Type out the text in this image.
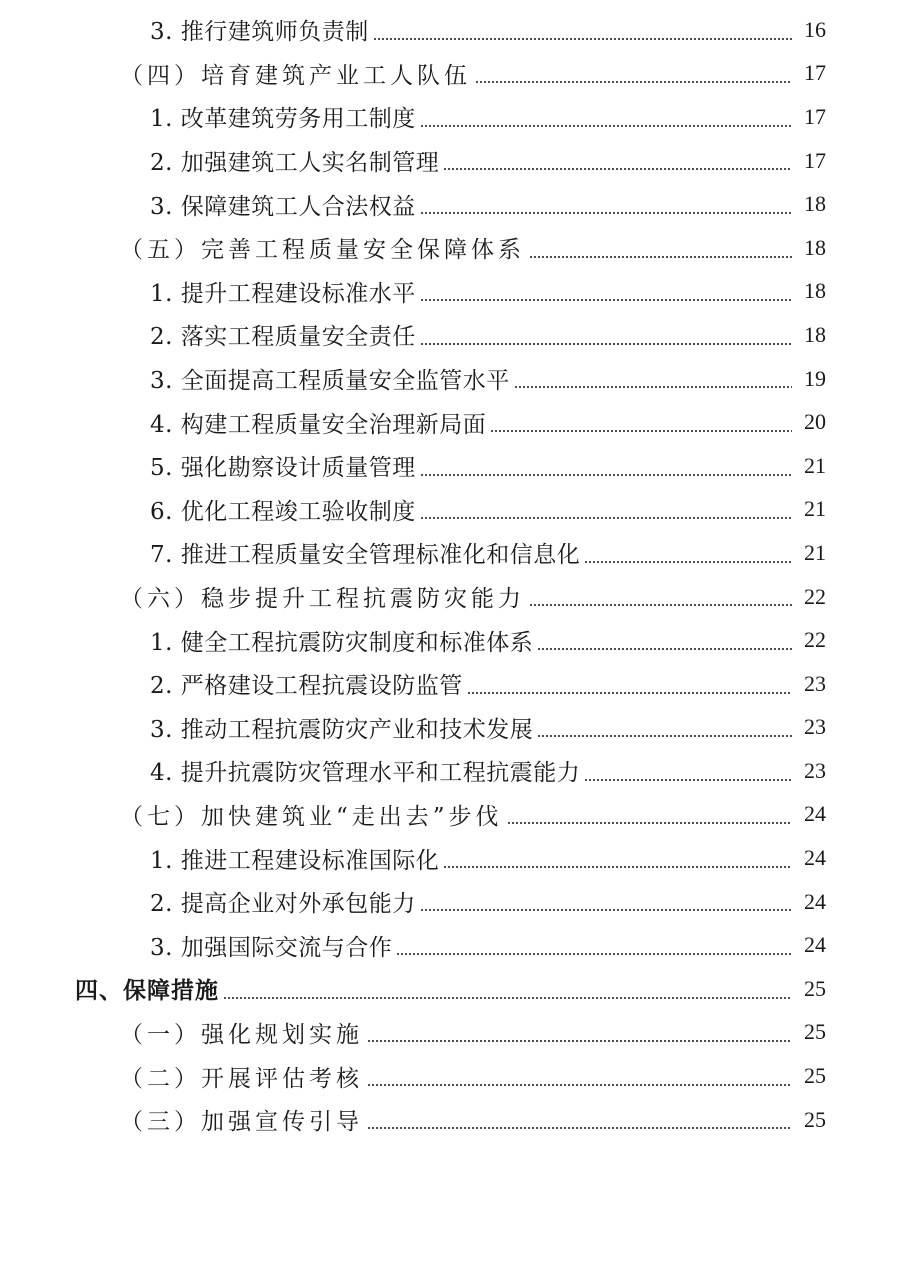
3. 推行建筑师负责制	16
（四）培育建筑产业工人队伍	17
1. 改革建筑劳务用工制度	17
2. 加强建筑工人实名制管理	17
3. 保障建筑工人合法权益	18
（五）完善工程质量安全保障体系	18
1. 提升工程建设标准水平	18
2. 落实工程质量安全责任	18
3. 全面提高工程质量安全监管水平	19
4. 构建工程质量安全治理新局面	20
5. 强化勘察设计质量管理	21
6. 优化工程竣工验收制度	21
7. 推进工程质量安全管理标准化和信息化	21
（六）稳步提升工程抗震防灾能力	22
1. 健全工程抗震防灾制度和标准体系	22
2. 严格建设工程抗震设防监管	23
3. 推动工程抗震防灾产业和技术发展	23
4. 提升抗震防灾管理水平和工程抗震能力	23
（七）加快建筑业“走出去”步伐	24
1. 推进工程建设标准国际化	24
2. 提高企业对外承包能力	24
3. 加强国际交流与合作	24
四、保障措施	25
（一）强化规划实施	25
（二）开展评估考核	25
（三）加强宣传引导	25
